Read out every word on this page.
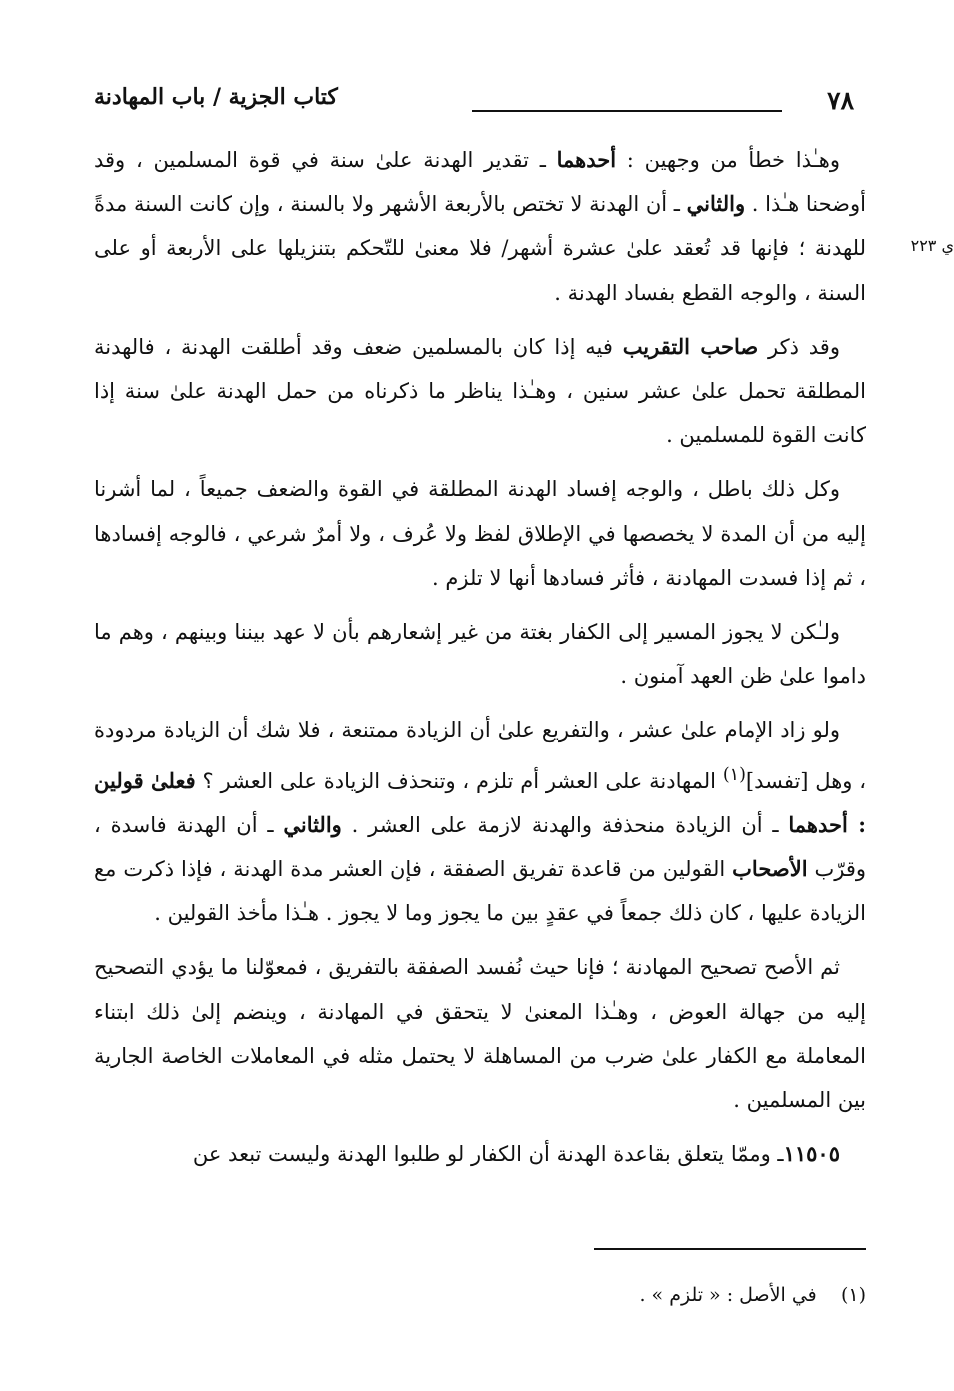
٧٨
كتاب الجزية / باب المهادنة
ي ٢٢٣

وهـٰذا خطأ من وجهين : أحدهما ـ تقدير الهدنة علىٰ سنة في قوة المسلمين ، وقد أوضحنا هـٰذا . والثاني ـ أن الهدنة لا تختص بالأربعة الأشهر ولا بالسنة ، وإن كانت السنة مدةً للهدنة ؛ فإنها قد تُعقد علىٰ عشرة أشهر/ فلا معنىٰ للتّحكم بتنزيلها على الأربعة أو على السنة ، والوجه القطع بفساد الهدنة .

وقد ذكر صاحب التقريب فيه إذا كان بالمسلمين ضعف وقد أطلقت الهدنة ، فالهدنة المطلقة تحمل علىٰ عشر سنين ، وهـٰذا يناظر ما ذكرناه من حمل الهدنة علىٰ سنة إذا كانت القوة للمسلمين .

وكل ذلك باطل ، والوجه إفساد الهدنة المطلقة في القوة والضعف جميعاً ، لما أشرنا إليه من أن المدة لا يخصصها في الإطلاق لفظ ولا عُرف ، ولا أمرٌ شرعي ، فالوجه إفسادها ، ثم إذا فسدت المهادنة ، فأثر فسادها أنها لا تلزم .

ولـٰكن لا يجوز المسير إلى الكفار بغتة من غير إشعارهم بأن لا عهد بيننا وبينهم ، وهم ما داموا علىٰ ظن العهد آمنون .

ولو زاد الإمام علىٰ عشر ، والتفريع علىٰ أن الزيادة ممتنعة ، فلا شك أن الزيادة مردودة ، وهل [تفسد]$^{(١)}$ المهادنة على العشر أم تلزم ، وتنحذف الزيادة على العشر ؟ فعلىٰ قولين : أحدهما ـ أن الزيادة منحذفة والهدنة لازمة على العشر . والثاني ـ أن الهدنة فاسدة ، وقرّب الأصحاب القولين من قاعدة تفريق الصفقة ، فإن العشر مدة الهدنة ، فإذا ذكرت مع الزيادة عليها ، كان ذلك جمعاً في عقدٍ بين ما يجوز وما لا يجوز . هـٰذا مأخذ القولين .

ثم الأصح تصحيح المهادنة ؛ فإنا حيث نُفسد الصفقة بالتفريق ، فمعوّلنا ما يؤدي التصحيح إليه من جهالة العوض ، وهـٰذا المعنىٰ لا يتحقق في المهادنة ، وينضم إلىٰ ذلك ابتناء المعاملة مع الكفار علىٰ ضرب من المساهلة لا يحتمل مثله في المعاملات الخاصة الجارية بين المسلمين .

١١٥٠٥ـ وممّا يتعلق بقاعدة الهدنة أن الكفار لو طلبوا الهدنة وليست تبعد عن

(١)    في الأصل : « تلزم » .
